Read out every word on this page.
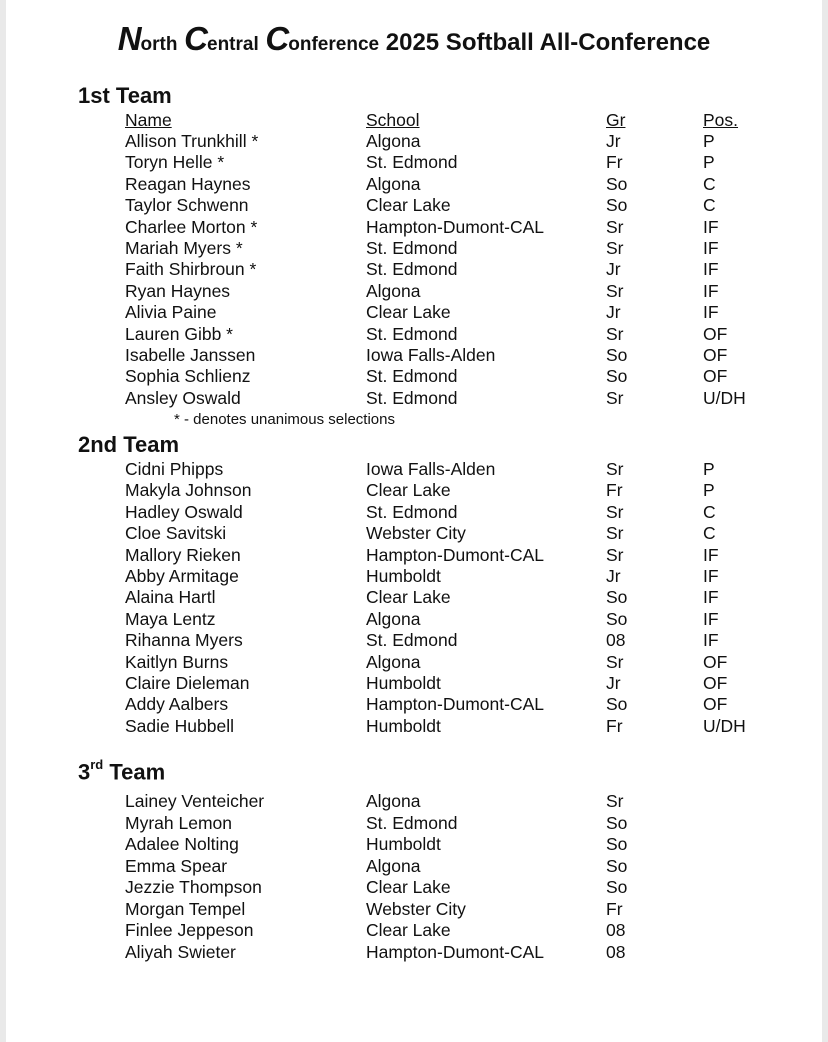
North Central Conference 2025 Softball All-Conference
1st Team
Name	School	Gr	Pos.
Allison Trunkhill *	Algona	Jr	P
Toryn Helle *	St. Edmond	Fr	P
Reagan Haynes	Algona	So	C
Taylor Schwenn	Clear Lake	So	C
Charlee Morton *	Hampton-Dumont-CAL	Sr	IF
Mariah Myers *	St. Edmond	Sr	IF
Faith Shirbroun *	St. Edmond	Jr	IF
Ryan Haynes	Algona	Sr	IF
Alivia Paine	Clear Lake	Jr	IF
Lauren Gibb *	St. Edmond	Sr	OF
Isabelle Janssen	Iowa Falls-Alden	So	OF
Sophia Schlienz	St. Edmond	So	OF
Ansley Oswald	St. Edmond	Sr	U/DH
* - denotes unanimous selections
2nd Team
Cidni Phipps	Iowa Falls-Alden	Sr	P
Makyla Johnson	Clear Lake	Fr	P
Hadley Oswald	St. Edmond	Sr	C
Cloe Savitski	Webster City	Sr	C
Mallory Rieken	Hampton-Dumont-CAL	Sr	IF
Abby Armitage	Humboldt	Jr	IF
Alaina Hartl	Clear Lake	So	IF
Maya Lentz	Algona	So	IF
Rihanna Myers	St. Edmond	08	IF
Kaitlyn Burns	Algona	Sr	OF
Claire Dieleman	Humboldt	Jr	OF
Addy Aalbers	Hampton-Dumont-CAL	So	OF
Sadie Hubbell	Humboldt	Fr	U/DH
3rd Team
Lainey Venteicher	Algona	Sr
Myrah Lemon	St. Edmond	So
Adalee Nolting	Humboldt	So
Emma Spear	Algona	So
Jezzie Thompson	Clear Lake	So
Morgan Tempel	Webster City	Fr
Finlee Jeppeson	Clear Lake	08
Aliyah Swieter	Hampton-Dumont-CAL	08
